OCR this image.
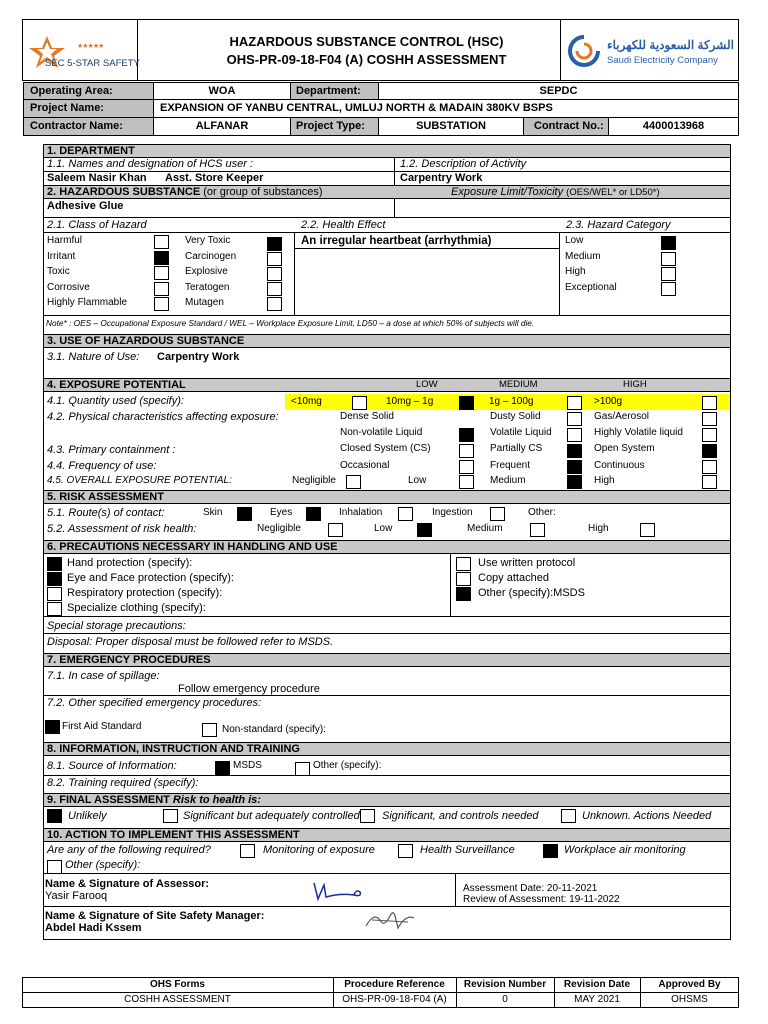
★★★★★
SEC 5-STAR SAFETY
HAZARDOUS SUBSTANCE CONTROL (HSC)
OHS-PR-09-18-F04 (A) COSHH ASSESSMENT
الشركة السعودية للكهرباء
Saudi Electricity Company
Operating Area:	WOA	Department:	SEPDC
Project Name:	EXPANSION OF YANBU CENTRAL, UMLUJ NORTH & MADAIN 380KV BSPS
Contractor Name:	ALFANAR	Project Type:	SUBSTATION	Contract No.:	4400013968
1. DEPARTMENT
1.1. Names and designation of HCS user :	1.2. Description of Activity
Saleem Nasir Khan Asst. Store Keeper	Carpentry Work
2. HAZARDOUS SUBSTANCE (or group of substances)	Exposure Limit/Toxicity (OES/WEL* or LD50*)
Adhesive Glue
2.1. Class of Hazard	2.2. Health Effect	2.3. Hazard Category
An irregular heartbeat (arrhythmia)
Harmful
Irritant
Toxic
Corrosive
Highly Flammable
Very Toxic
Carcinogen
Explosive
Teratogen
Mutagen
Low
Medium
High
Exceptional
Note* : OES – Occupational Exposure Standard / WEL – Workplace Exposure Limit, LD50 – a dose at which 50% of subjects will die.
3. USE OF HAZARDOUS SUBSTANCE
3.1. Nature of Use: Carpentry Work
4. EXPOSURE POTENTIAL	LOW	MEDIUM	HIGH
4.1. Quantity used (specify):	<10mg	10mg – 1g	1g – 100g	>100g
4.2. Physical characteristics affecting exposure:	Dense Solid	Dusty Solid	Gas/Aerosol
Non-volatile Liquid	Volatile Liquid	Highly Volatile liquid
4.3. Primary containment :	Closed System (CS)	Partially CS	Open System
4.4. Frequency of use:	Occasional	Frequent	Continuous
4.5. OVERALL EXPOSURE POTENTIAL:	Negligible	Low	Medium	High
5. RISK ASSESSMENT
5.1. Route(s) of contact:	Skin	Eyes	Inhalation	Ingestion	Other:
5.2. Assessment of risk health:	Negligible	Low	Medium	High
6. PRECAUTIONS NECESSARY IN HANDLING AND USE
Hand protection (specify):
Eye and Face protection (specify):
Respiratory protection (specify):
Specialize clothing (specify):
Use written protocol
Copy attached
Other (specify):MSDS
Special storage precautions:
Disposal: Proper disposal must be followed refer to MSDS.
7. EMERGENCY PROCEDURES
7.1. In case of spillage:
Follow emergency procedure
7.2. Other specified emergency procedures:
First Aid Standard	Non-standard (specify):
8. INFORMATION, INSTRUCTION AND TRAINING
8.1. Source of Information:	MSDS	Other (specify):
8.2. Training required (specify):
9. FINAL ASSESSMENT Risk to health is:
Unlikely	Significant but adequately controlled Significant, and controls needed	Unknown. Actions Needed
10. ACTION TO IMPLEMENT THIS ASSESSMENT
Are any of the following required?	Monitoring of exposure	Health Surveillance	Workplace air monitoring
Other (specify):
Name & Signature of Assessor:
Yasir Farooq
Assessment Date: 20-11-2021
Review of Assessment: 19-11-2022
Name & Signature of Site Safety Manager:
Abdel Hadi Kssem
OHS Forms	Procedure Reference	Revision Number	Revision Date	Approved By
COSHH ASSESSMENT	OHS-PR-09-18-F04 (A)	0	MAY 2021	OHSMS
